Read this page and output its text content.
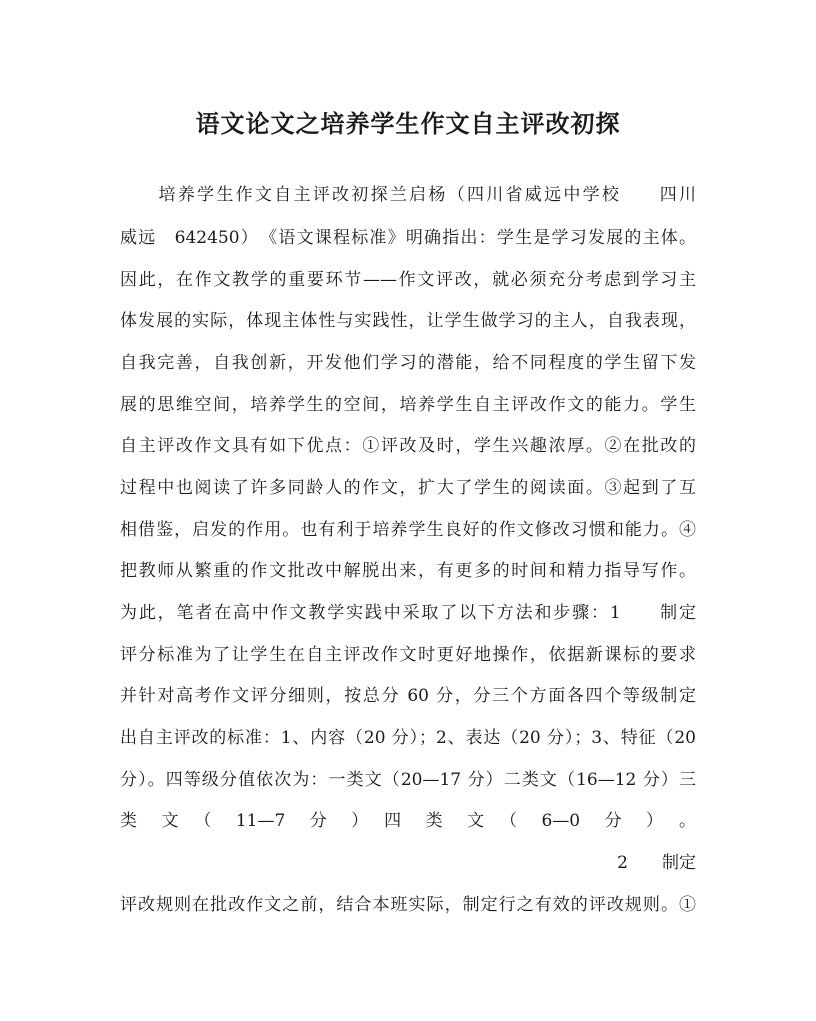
语文论文之培养学生作文自主评改初探
　　培养学生作文自主评改初探兰启杨（四川省威远中学校　　四川
威远　642450）　《语文课程标准》明确指出：学生是学习发展的主体。
因此，在作文教学的重要环节——作文评改，就必须充分考虑到学习主
体发展的实际，体现主体性与实践性，让学生做学习的主人，自我表现，
自我完善，自我创新，开发他们学习的潜能，给不同程度的学生留下发
展的思维空间，培养学生的空间，培养学生自主评改作文的能力。学生
自主评改作文具有如下优点：①评改及时，学生兴趣浓厚。②在批改的
过程中也阅读了许多同龄人的作文，扩大了学生的阅读面。③起到了互
相借鉴，启发的作用。也有利于培养学生良好的作文修改习惯和能力。④
把教师从繁重的作文批改中解脱出来，有更多的时间和精力指导写作。
为此，笔者在高中作文教学实践中采取了以下方法和步骤：1　　制定
评分标准为了让学生在自主评改作文时更好地操作，依据新课标的要求
并针对高考作文评分细则，按总分 60 分，分三个方面各四个等级制定
出自主评改的标准：1、内容（20 分）；2、表达（20 分）；3、特征（20
分）。四等级分值依次为：一类文（20—17 分）二类文（16—12 分）三
类　文　（　11—7　分　）　四　类　文　（　6—0　分　）　。
2　　制定
评改规则在批改作文之前，结合本班实际，制定行之有效的评改规则。①
